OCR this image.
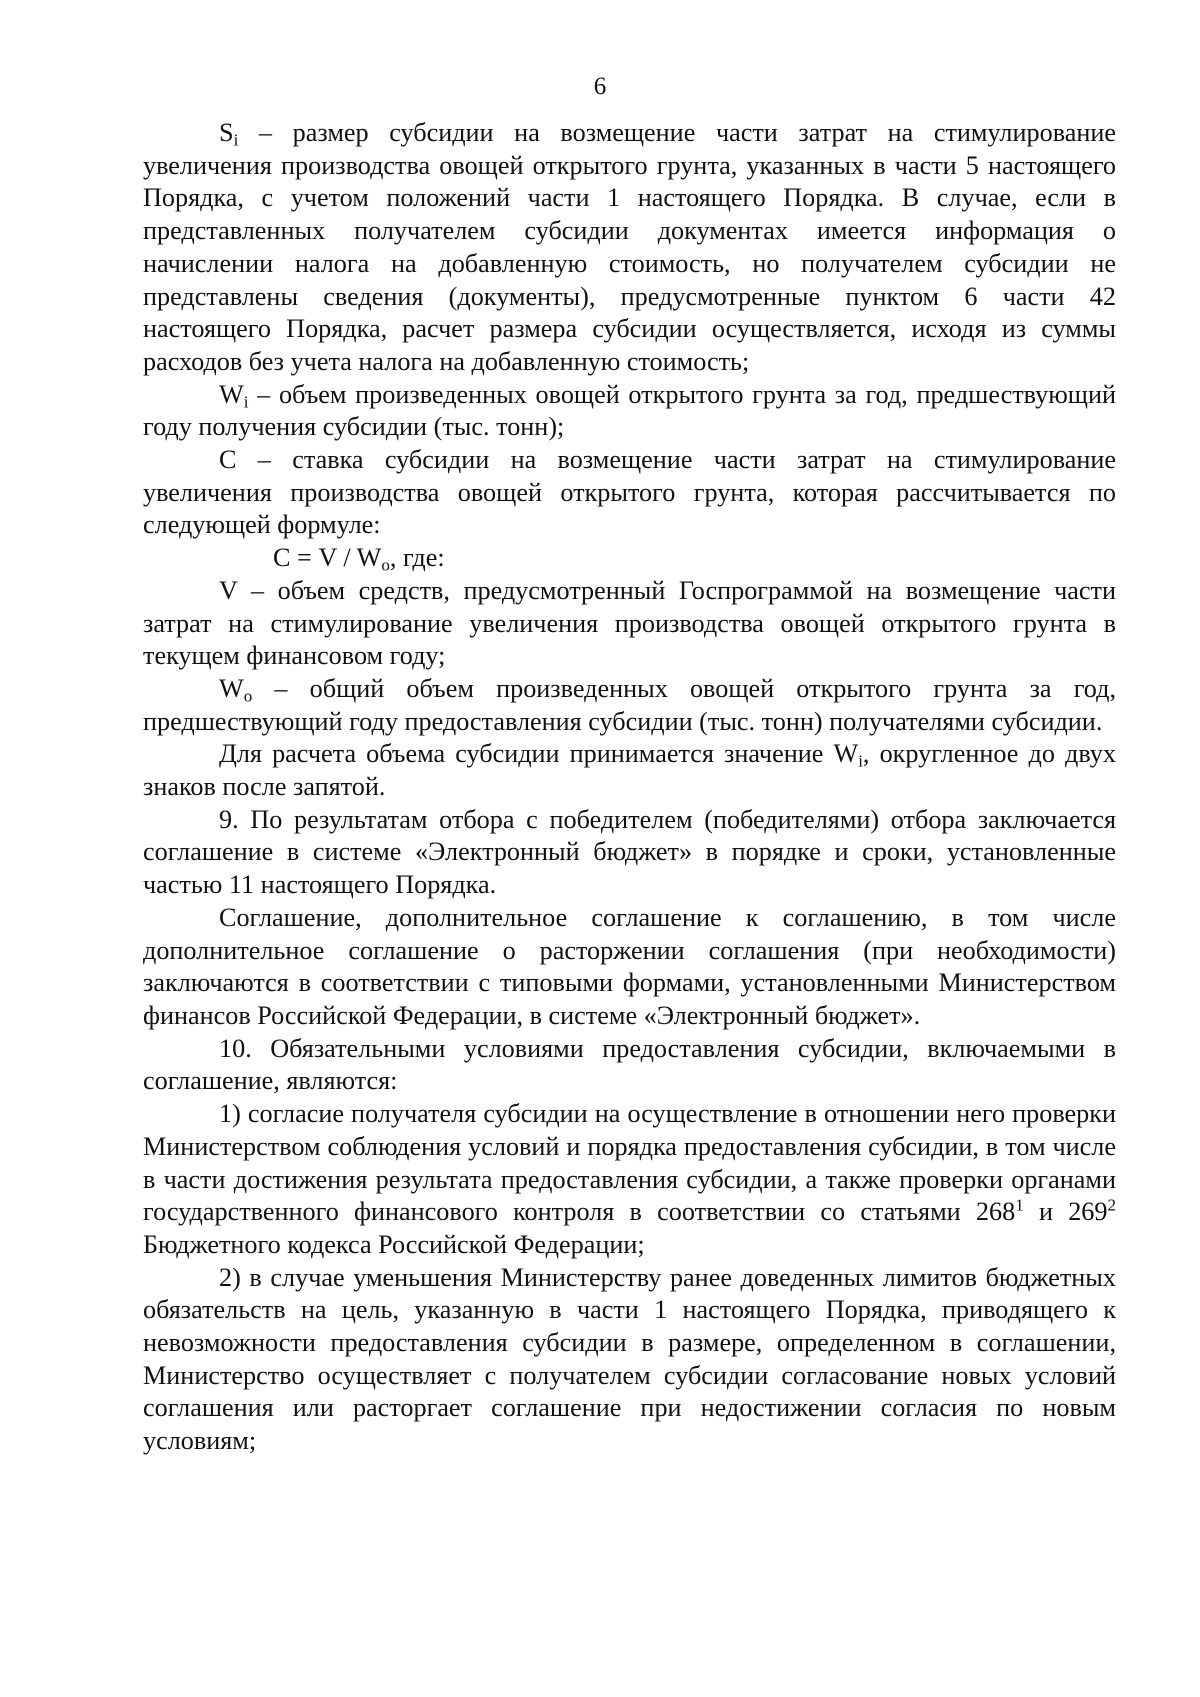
6

$S_i$ – размер субсидии на возмещение части затрат на стимулирование увеличения производства овощей открытого грунта, указанных в части 5 настоящего Порядка, с учетом положений части 1 настоящего Порядка. В случае, если в представленных получателем субсидии документах имеется информация о начислении налога на добавленную стоимость, но получателем субсидии не представлены сведения (документы), предусмотренные пунктом 6 части 42 настоящего Порядка, расчет размера субсидии осуществляется, исходя из суммы расходов без учета налога на добавленную стоимость;

$W_i$ – объем произведенных овощей открытого грунта за год, предшествующий году получения субсидии (тыс. тонн);

С – ставка субсидии на возмещение части затрат на стимулирование увеличения производства овощей открытого грунта, которая рассчитывается по следующей формуле:

$С = V / W_о$, где:

V – объем средств, предусмотренный Госпрограммой на возмещение части затрат на стимулирование увеличения производства овощей открытого грунта в текущем финансовом году;

$W_о$ – общий объем произведенных овощей открытого грунта за год, предшествующий году предоставления субсидии (тыс. тонн) получателями субсидии.

Для расчета объема субсидии принимается значение $W_i$, округленное до двух знаков после запятой.

9. По результатам отбора с победителем (победителями) отбора заключается соглашение в системе «Электронный бюджет» в порядке и сроки, установленные частью 11 настоящего Порядка.

Соглашение, дополнительное соглашение к соглашению, в том числе дополнительное соглашение о расторжении соглашения (при необходимости) заключаются в соответствии с типовыми формами, установленными Министерством финансов Российской Федерации, в системе «Электронный бюджет».

10. Обязательными условиями предоставления субсидии, включаемыми в соглашение, являются:

1) согласие получателя субсидии на осуществление в отношении него проверки Министерством соблюдения условий и порядка предоставления субсидии, в том числе в части достижения результата предоставления субсидии, а также проверки органами государственного финансового контроля в соответствии со статьями $268^1$ и $269^2$ Бюджетного кодекса Российской Федерации;

2) в случае уменьшения Министерству ранее доведенных лимитов бюджетных обязательств на цель, указанную в части 1 настоящего Порядка, приводящего к невозможности предоставления субсидии в размере, определенном в соглашении, Министерство осуществляет с получателем субсидии согласование новых условий соглашения или расторгает соглашение при недостижении согласия по новым условиям;
